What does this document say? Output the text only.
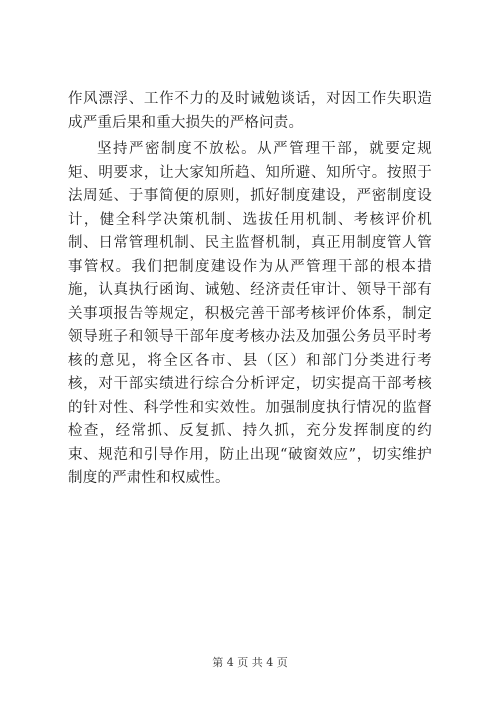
作风漂浮、工作不力的及时诫勉谈话，对因工作失职造成严重后果和重大损失的严格问责。

坚持严密制度不放松。从严管理干部，就要定规矩、明要求，让大家知所趋、知所避、知所守。按照于法周延、于事简便的原则，抓好制度建设，严密制度设计，健全科学决策机制、选拔任用机制、考核评价机制、日常管理机制、民主监督机制，真正用制度管人管事管权。我们把制度建设作为从严管理干部的根本措施，认真执行函询、诫勉、经济责任审计、领导干部有关事项报告等规定，积极完善干部考核评价体系，制定领导班子和领导干部年度考核办法及加强公务员平时考核的意见，将全区各市、县（区）和部门分类进行考核，对干部实绩进行综合分析评定，切实提高干部考核的针对性、科学性和实效性。加强制度执行情况的监督检查，经常抓、反复抓、持久抓，充分发挥制度的约束、规范和引导作用，防止出现“破窗效应”，切实维护制度的严肃性和权威性。

第 4 页 共 4 页
